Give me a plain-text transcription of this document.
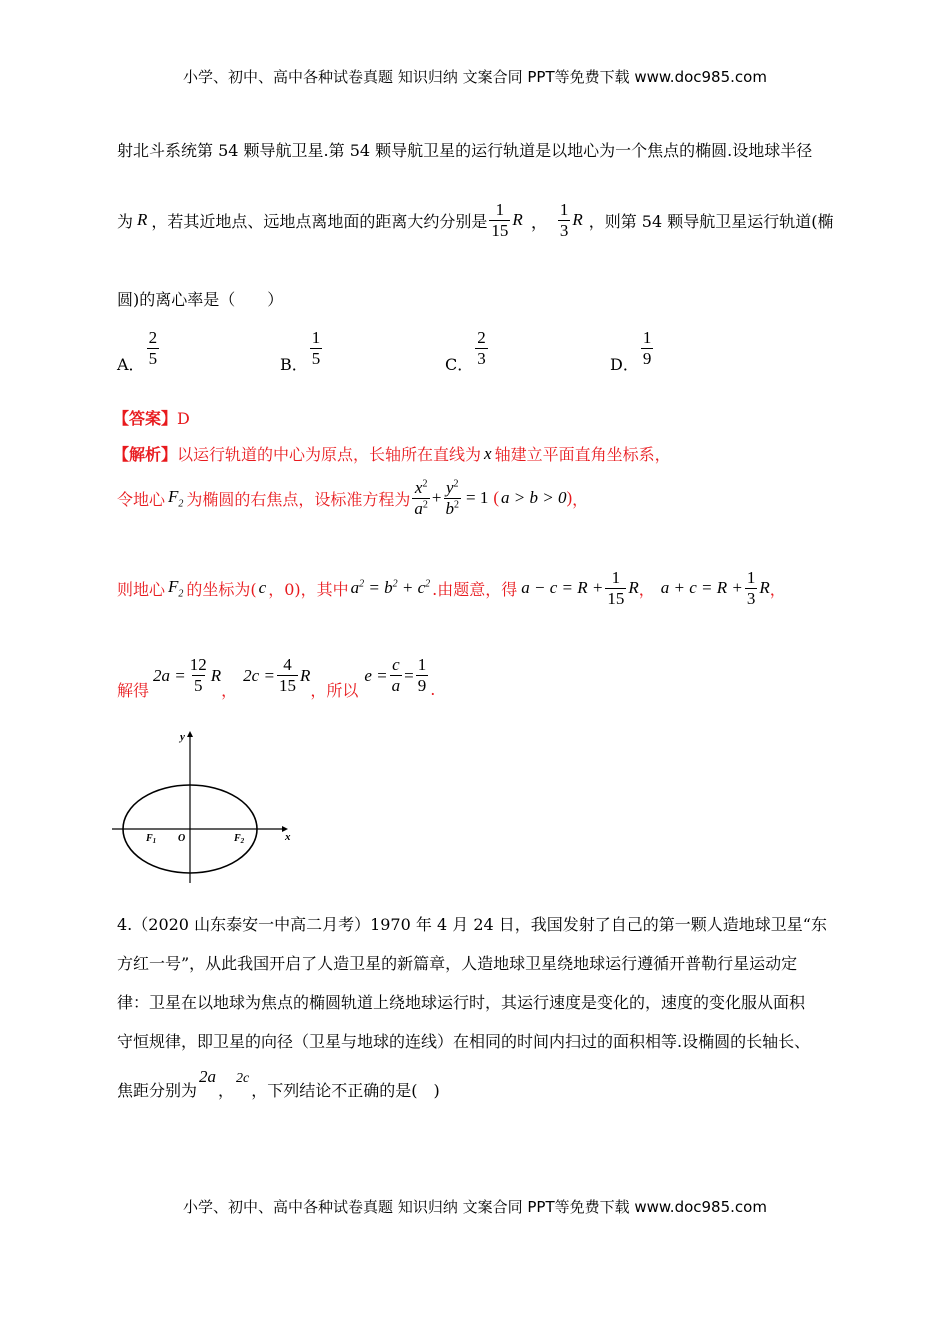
小学、初中、高中各种试卷真题 知识归纳 文案合同 PPT等免费下载 www.doc985.com
射北斗系统第 54 颗导航卫星.第 54 颗导航卫星的运行轨道是以地心为一个焦点的椭圆.设地球半径
为 R ，若其近地点、远地点离地面的距离大约分别是 $\frac{1}{15}$ R ， $\frac{1}{3}$ R ，则第 54 颗导航卫星运行轨道(椭
圆)的离心率是（　　）
A． $\frac{2}{5}$	B． $\frac{1}{5}$	C． $\frac{2}{3}$	D． $\frac{1}{9}$
【答案】D
【解析】 以运行轨道的中心为原点，长轴所在直线为 x 轴建立平面直角坐标系，
令地心 $F_2$ 为椭圆的右焦点，设标准方程为 $\frac{x^2}{a^2} + \frac{y^2}{b^2} = 1$ ( a > b > 0 ) ，
则地心 $F_2$ 的坐标为( c ，0)，其中 $a^2 = b^2 + c^2$ .由题意，得 $a - c = R + \frac{1}{15}$ R ， $a + c = R + \frac{1}{3}$ R ，
解得
$2a = \frac{12}{5}$ R
，
$2c = \frac{4}{15}$ R
，所以
$e = \frac{c}{a} = \frac{1}{9}$ .
y
x
O
$F_1$	$F_2$
4.（2020 山东泰安一中高二月考）1970 年 4 月 24 日，我国发射了自己的第一颗人造地球卫星“东
方红一号”，从此我国开启了人造卫星的新篇章，人造地球卫星绕地球运行遵循开普勒行星运动定
律：卫星在以地球为焦点的椭圆轨道上绕地球运行时，其运行速度是变化的，速度的变化服从面积
守恒规律，即卫星的向径（卫星与地球的连线）在相同的时间内扫过的面积相等.设椭圆的长轴长、
焦距分别为
2a
，
2c
，下列结论不正确的是(　)
小学、初中、高中各种试卷真题 知识归纳 文案合同 PPT等免费下载 www.doc985.com
